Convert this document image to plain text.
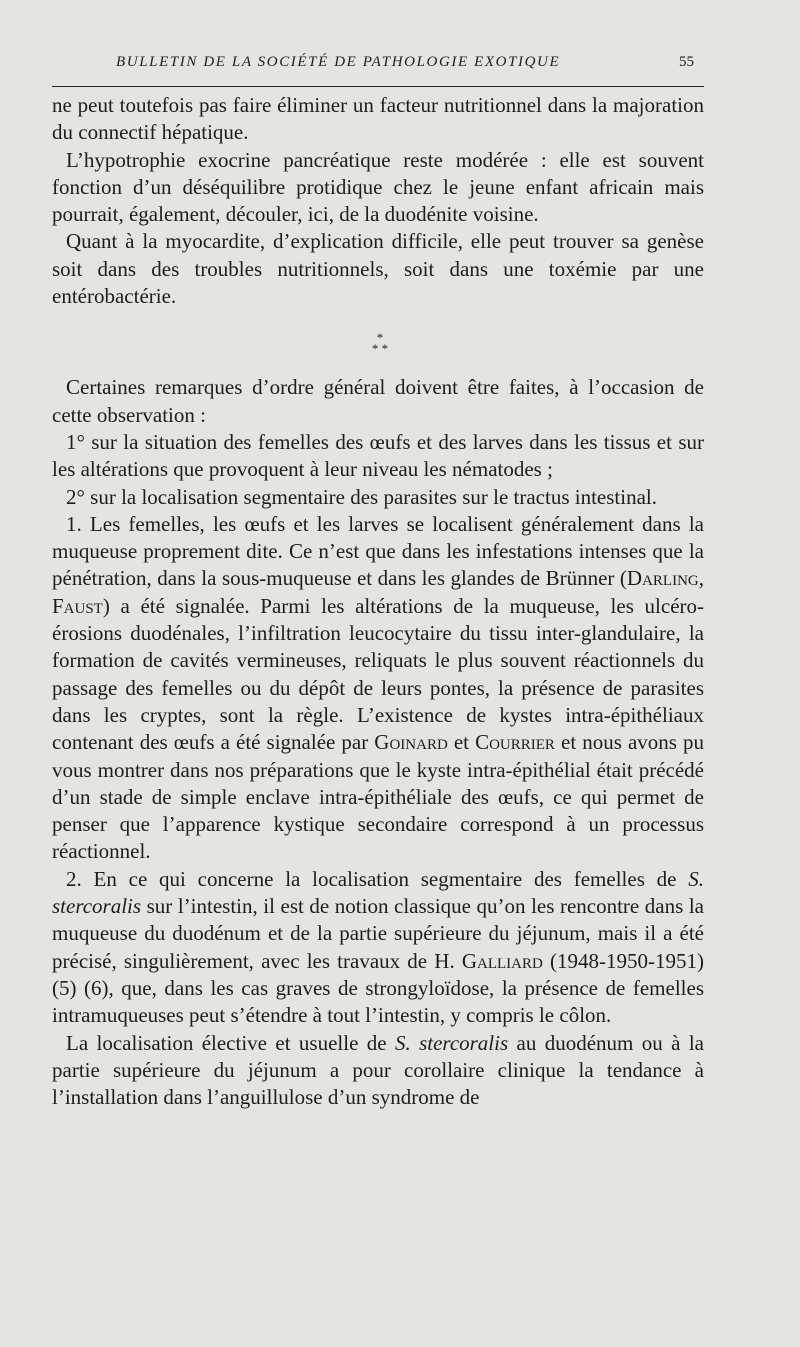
BULLETIN DE LA SOCIÉTÉ DE PATHOLOGIE EXOTIQUE	55

ne peut toutefois pas faire éliminer un facteur nutritionnel dans la majoration du connectif hépatique.

L’hypotrophie exocrine pancréatique reste modérée : elle est souvent fonction d’un déséquilibre protidique chez le jeune enfant africain mais pourrait, également, découler, ici, de la duodénite voisine.

Quant à la myocardite, d’explication difficile, elle peut trouver sa genèse soit dans des troubles nutritionnels, soit dans une toxémie par une entérobactérie.

*
* *

Certaines remarques d’ordre général doivent être faites, à l’occasion de cette observation :

1° sur la situation des femelles des œufs et des larves dans les tissus et sur les altérations que provoquent à leur niveau les nématodes ;

2° sur la localisation segmentaire des parasites sur le tractus intestinal.

1. Les femelles, les œufs et les larves se localisent généralement dans la muqueuse proprement dite. Ce n’est que dans les infestations intenses que la pénétration, dans la sous-muqueuse et dans les glandes de Brünner (Darling, Faust) a été signalée. Parmi les altérations de la muqueuse, les ulcéro-érosions duodénales, l’infiltration leucocytaire du tissu inter-glandulaire, la formation de cavités vermineuses, reliquats le plus souvent réactionnels du passage des femelles ou du dépôt de leurs pontes, la présence de parasites dans les cryptes, sont la règle. L’existence de kystes intra-épithéliaux contenant des œufs a été signalée par Goinard et Courrier et nous avons pu vous montrer dans nos préparations que le kyste intra-épithélial était précédé d’un stade de simple enclave intra-épithéliale des œufs, ce qui permet de penser que l’apparence kystique secondaire correspond à un processus réactionnel.

2. En ce qui concerne la localisation segmentaire des femelles de S. stercoralis sur l’intestin, il est de notion classique qu’on les rencontre dans la muqueuse du duodénum et de la partie supérieure du jéjunum, mais il a été précisé, singulièrement, avec les travaux de H. Galliard (1948-1950-1951) (5) (6), que, dans les cas graves de strongyloïdose, la présence de femelles intramuqueuses peut s’étendre à tout l’intestin, y compris le côlon.

La localisation élective et usuelle de S. stercoralis au duodénum ou à la partie supérieure du jéjunum a pour corollaire clinique la tendance à l’installation dans l’anguillulose d’un syndrome de
